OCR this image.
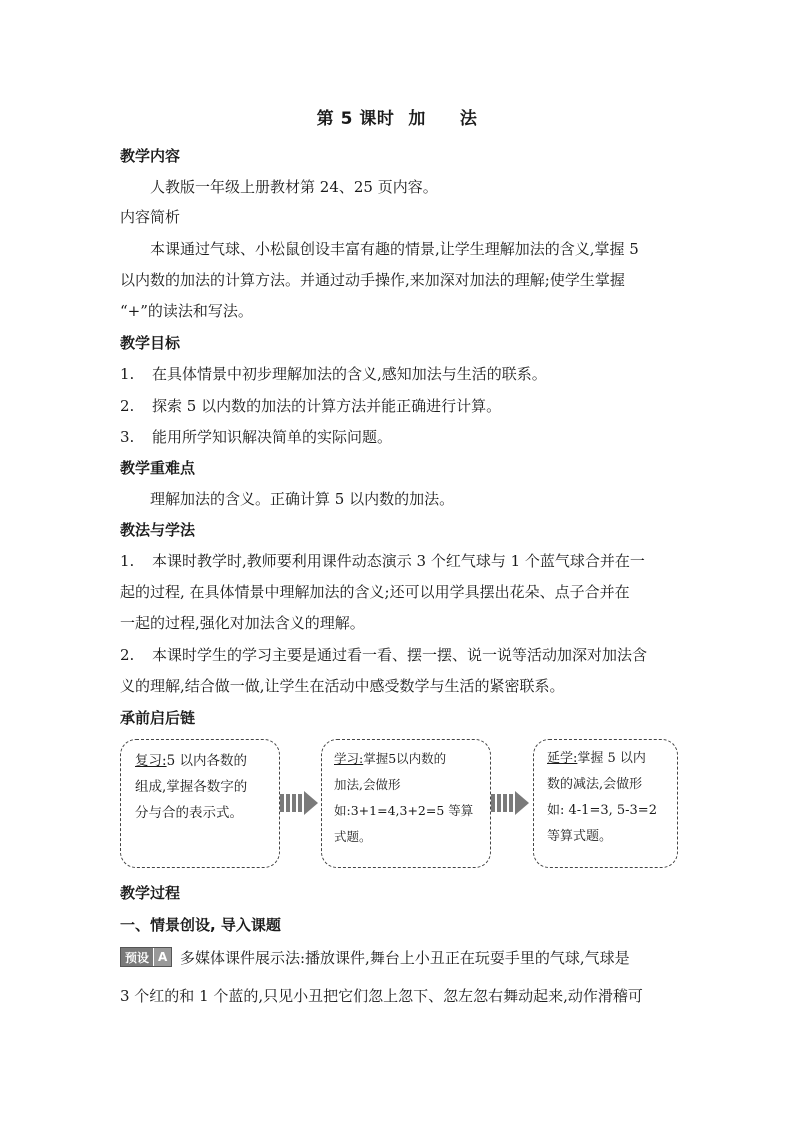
第 5 课时 加 法
教学内容
人教版一年级上册教材第 24、25 页内容。
内容简析
本课通过气球、小松鼠创设丰富有趣的情景,让学生理解加法的含义,掌握 5
以内数的加法的计算方法。并通过动手操作,来加深对加法的理解;使学生掌握
“+”的读法和写法。
教学目标
1. 在具体情景中初步理解加法的含义,感知加法与生活的联系。
2. 探索 5 以内数的加法的计算方法并能正确进行计算。
3. 能用所学知识解决简单的实际问题。
教学重难点
理解加法的含义。正确计算 5 以内数的加法。
教法与学法
1. 本课时教学时,教师要利用课件动态演示 3 个红气球与 1 个蓝气球合并在一
起的过程, 在具体情景中理解加法的含义;还可以用学具摆出花朵、点子合并在
一起的过程,强化对加法含义的理解。
2. 本课时学生的学习主要是通过看一看、摆一摆、说一说等活动加深对加法含
义的理解,结合做一做,让学生在活动中感受数学与生活的紧密联系。
承前启后链
复习:5 以内各数的
组成,掌握各数字的
分与合的表示式。
学习:掌握5以内数的
加法,会做形
如:3+1=4,3+2=5 等算
式题。
延学:掌握 5 以内
数的减法,会做形
如: 4-1=3, 5-3=2
等算式题。
教学过程
一、情景创设, 导入课题
预设 A 多媒体课件展示法:播放课件,舞台上小丑正在玩耍手里的气球,气球是
3 个红的和 1 个蓝的,只见小丑把它们忽上忽下、忽左忽右舞动起来,动作滑稽可
